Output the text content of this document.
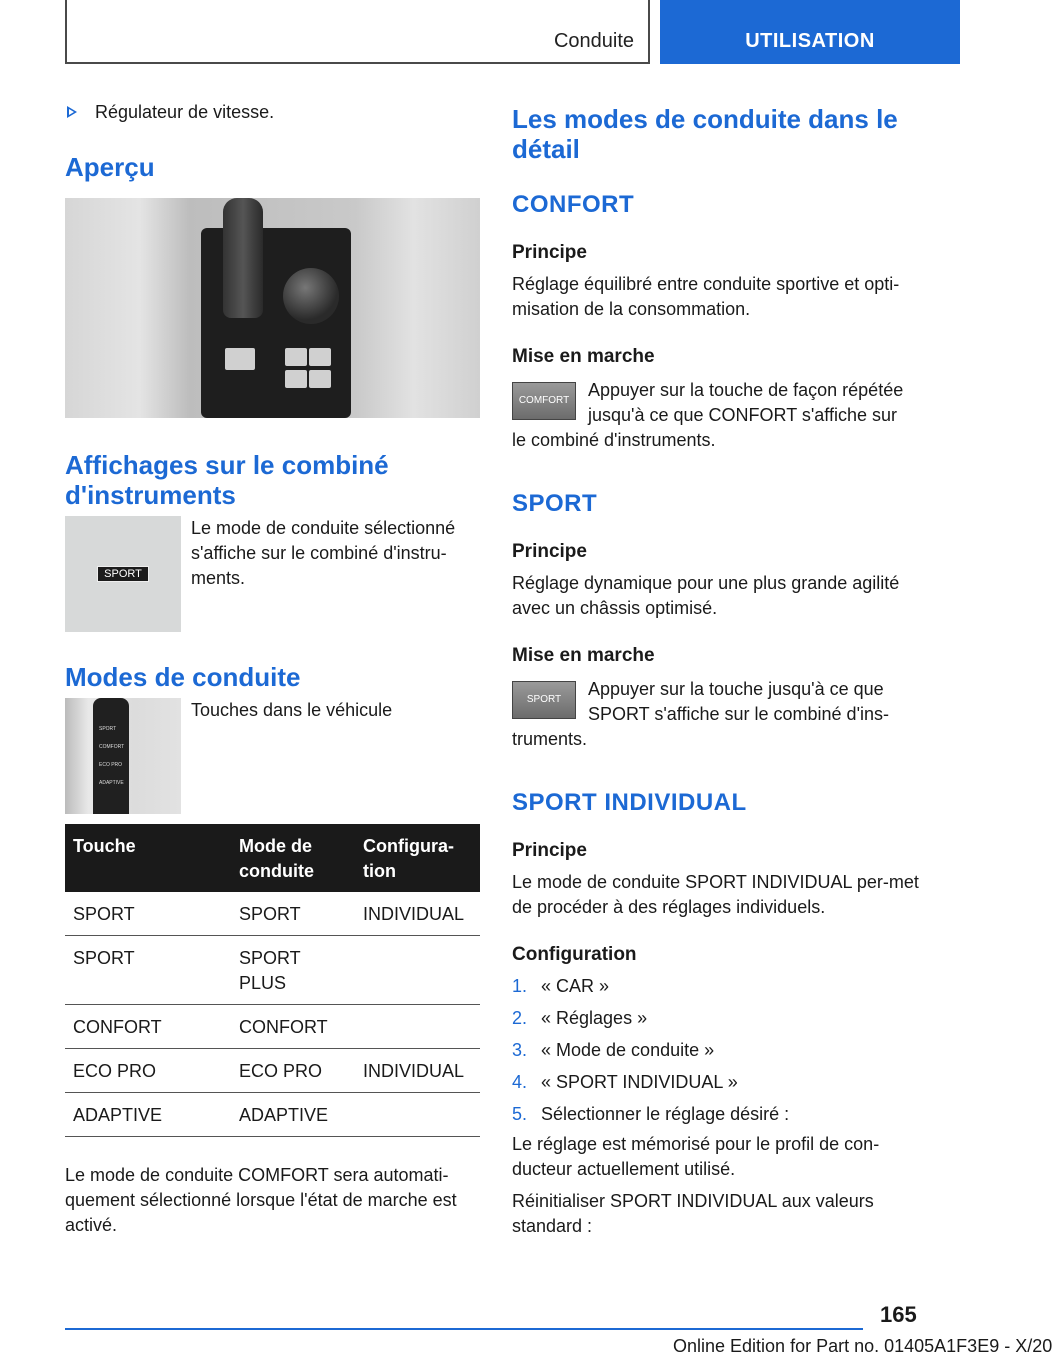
Conduite	UTILISATION
Régulateur de vitesse.
Aperçu
Affichages sur le combiné d'instruments
SPORT

Le mode de conduite sélectionné s'affiche sur le combiné d'instru-ments.

Modes de conduite
SPORT
COMFORT
ECO PRO
ADAPTIVE

Touches dans le véhicule

Touche	Mode de conduite	Configura-tion
SPORT	SPORT	INDIVIDUAL
SPORT	SPORT PLUS	
CONFORT	CONFORT	
ECO PRO	ECO PRO	INDIVIDUAL
ADAPTIVE	ADAPTIVE	

Le mode de conduite COMFORT sera automati-quement sélectionné lorsque l'état de marche est activé.

Les modes de conduite dans le détail
CONFORT
Principe

Réglage équilibré entre conduite sportive et opti-misation de la consommation.

Mise en marche
COMFORT

Appuyer sur la touche de façon répétée

jusqu'à ce que CONFORT s'affiche sur

le combiné d'instruments.

SPORT
Principe

Réglage dynamique pour une plus grande agilité avec un châssis optimisé.

Mise en marche
SPORT

Appuyer sur la touche jusqu'à ce que

SPORT s'affiche sur le combiné d'ins-

truments.

SPORT INDIVIDUAL
Principe

Le mode de conduite SPORT INDIVIDUAL per-met de procéder à des réglages individuels.

Configuration
1. « CAR »
2. « Réglages »
3. « Mode de conduite »
4. « SPORT INDIVIDUAL »
5. Sélectionner le réglage désiré :

Le réglage est mémorisé pour le profil de con-ducteur actuellement utilisé.

Réinitialiser SPORT INDIVIDUAL aux valeurs standard :

165
Online Edition for Part no. 01405A1F3E9 - X/20
